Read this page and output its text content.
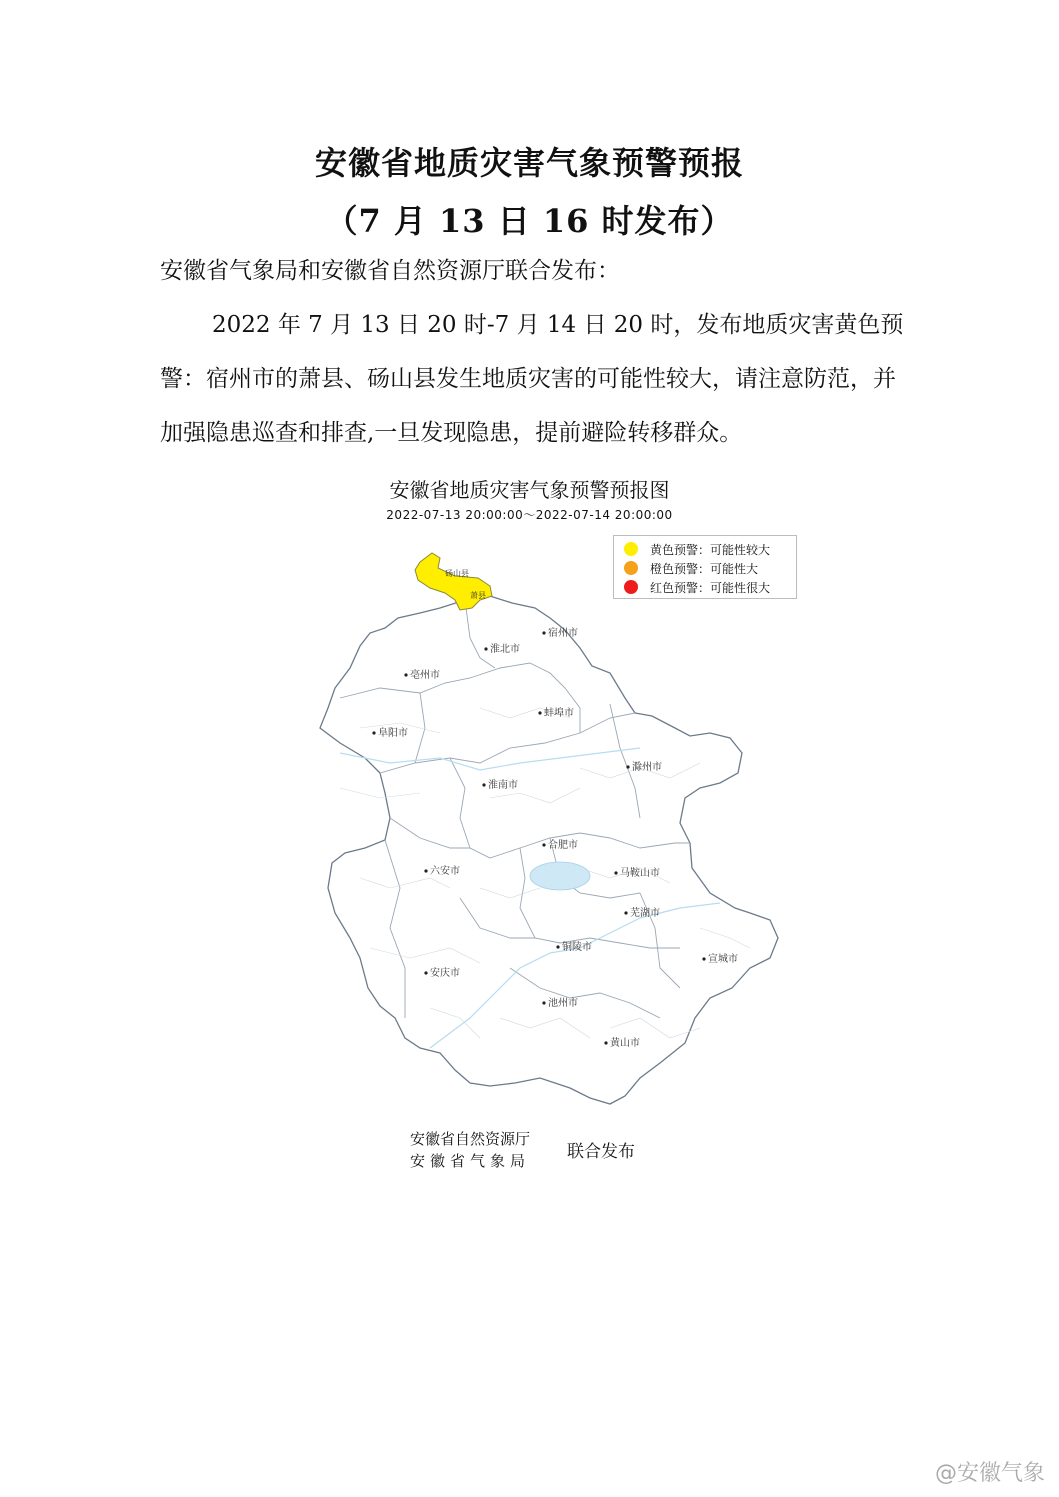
安徽省地质灾害气象预警预报
（7 月 13 日 16 时发布）
安徽省气象局和安徽省自然资源厅联合发布：
2022 年 7 月 13 日 20 时-7 月 14 日 20 时，发布地质灾害黄色预警：宿州市的萧县、砀山县发生地质灾害的可能性较大，请注意防范，并加强隐患巡查和排查,一旦发现隐患，提前避险转移群众。
安徽省地质灾害气象预警预报图
2022-07-13 20:00:00～2022-07-14 20:00:00
宿州市
淮北市
亳州市
蚌埠市
阜阳市
淮南市
滁州市
六安市
合肥市
马鞍山市
芜湖市
铜陵市
宣城市
安庆市
池州市
黄山市
砀山县
萧县
黄色预警：可能性较大
橙色预警：可能性大
红色预警：可能性很大
安徽省自然资源厅
安徽省气象局 联合发布
@安徽气象
